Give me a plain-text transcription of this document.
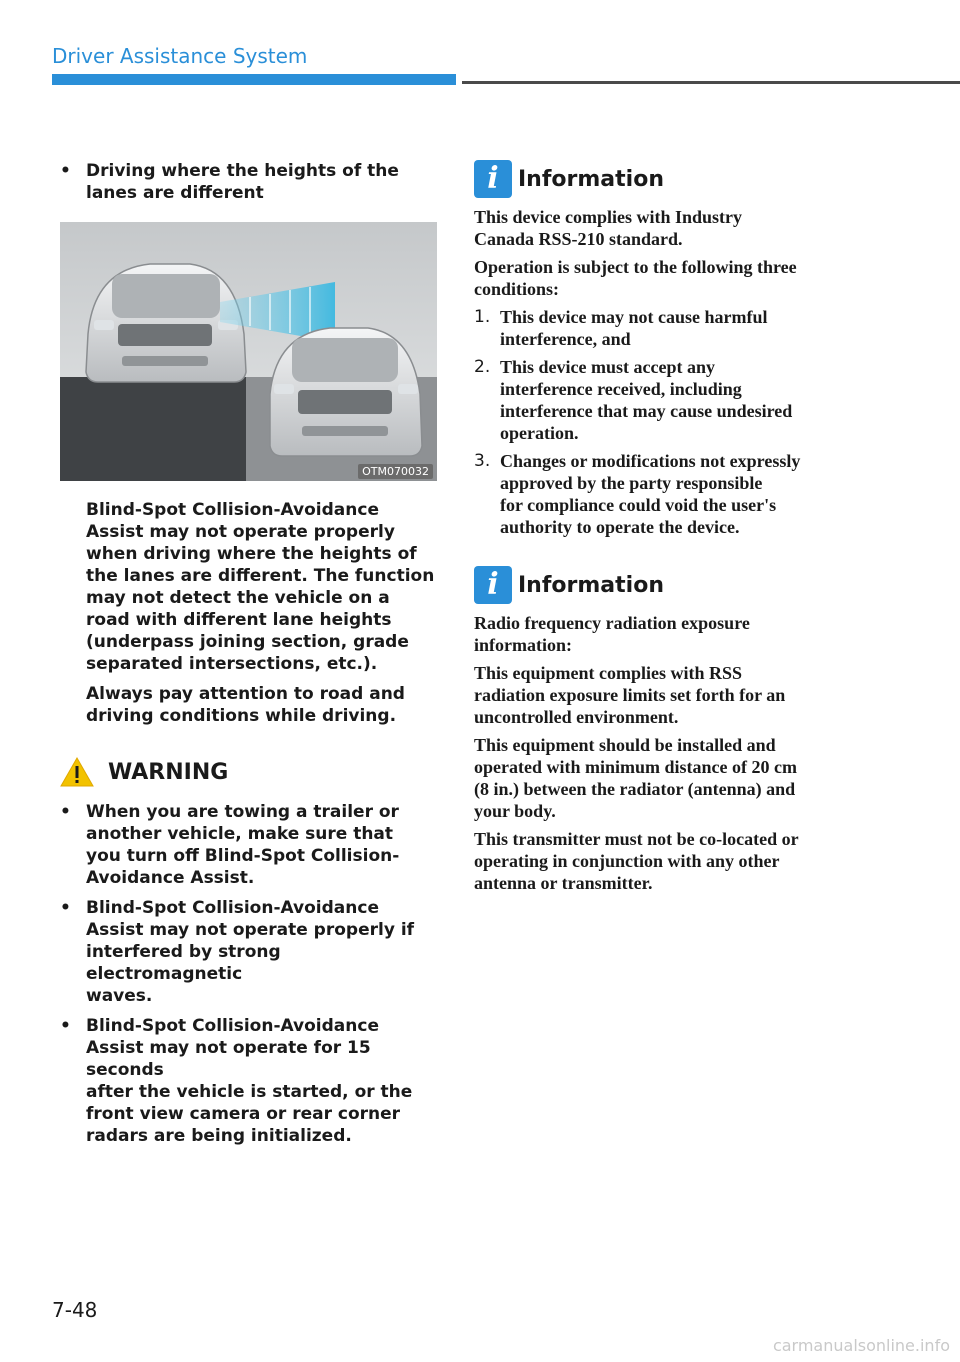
Driver Assistance System
• Driving where the heights of the
lanes are different
OTM070032
Blind-Spot Collision-Avoidance
Assist may not operate properly
when driving where the heights of
the lanes are different. The function
may not detect the vehicle on a
road with different lane heights
(underpass joining section, grade
separated intersections, etc.).
Always pay attention to road and
driving conditions while driving.
WARNING
• When you are towing a trailer or
another vehicle, make sure that
you turn off Blind-Spot Collision-
Avoidance Assist.
• Blind-Spot Collision-Avoidance
Assist may not operate properly if
interfered by strong electromagnetic
waves.
• Blind-Spot Collision-Avoidance
Assist may not operate for 15 seconds
after the vehicle is started, or the
front view camera or rear corner
radars are being initialized.
i Information
This device complies with Industry
Canada RSS-210 standard.
Operation is subject to the following three
conditions:
1. This device may not cause harmful
interference, and
2. This device must accept any
interference received, including
interference that may cause undesired
operation.
3. Changes or modifications not expressly
approved by the party responsible
for compliance could void the user's
authority to operate the device.
i Information
Radio frequency radiation exposure
information:
This equipment complies with RSS
radiation exposure limits set forth for an
uncontrolled environment.
This equipment should be installed and
operated with minimum distance of 20 cm
(8 in.) between the radiator (antenna) and
your body.
This transmitter must not be co-located or
operating in conjunction with any other
antenna or transmitter.
7-48
carmanualsonline.info
